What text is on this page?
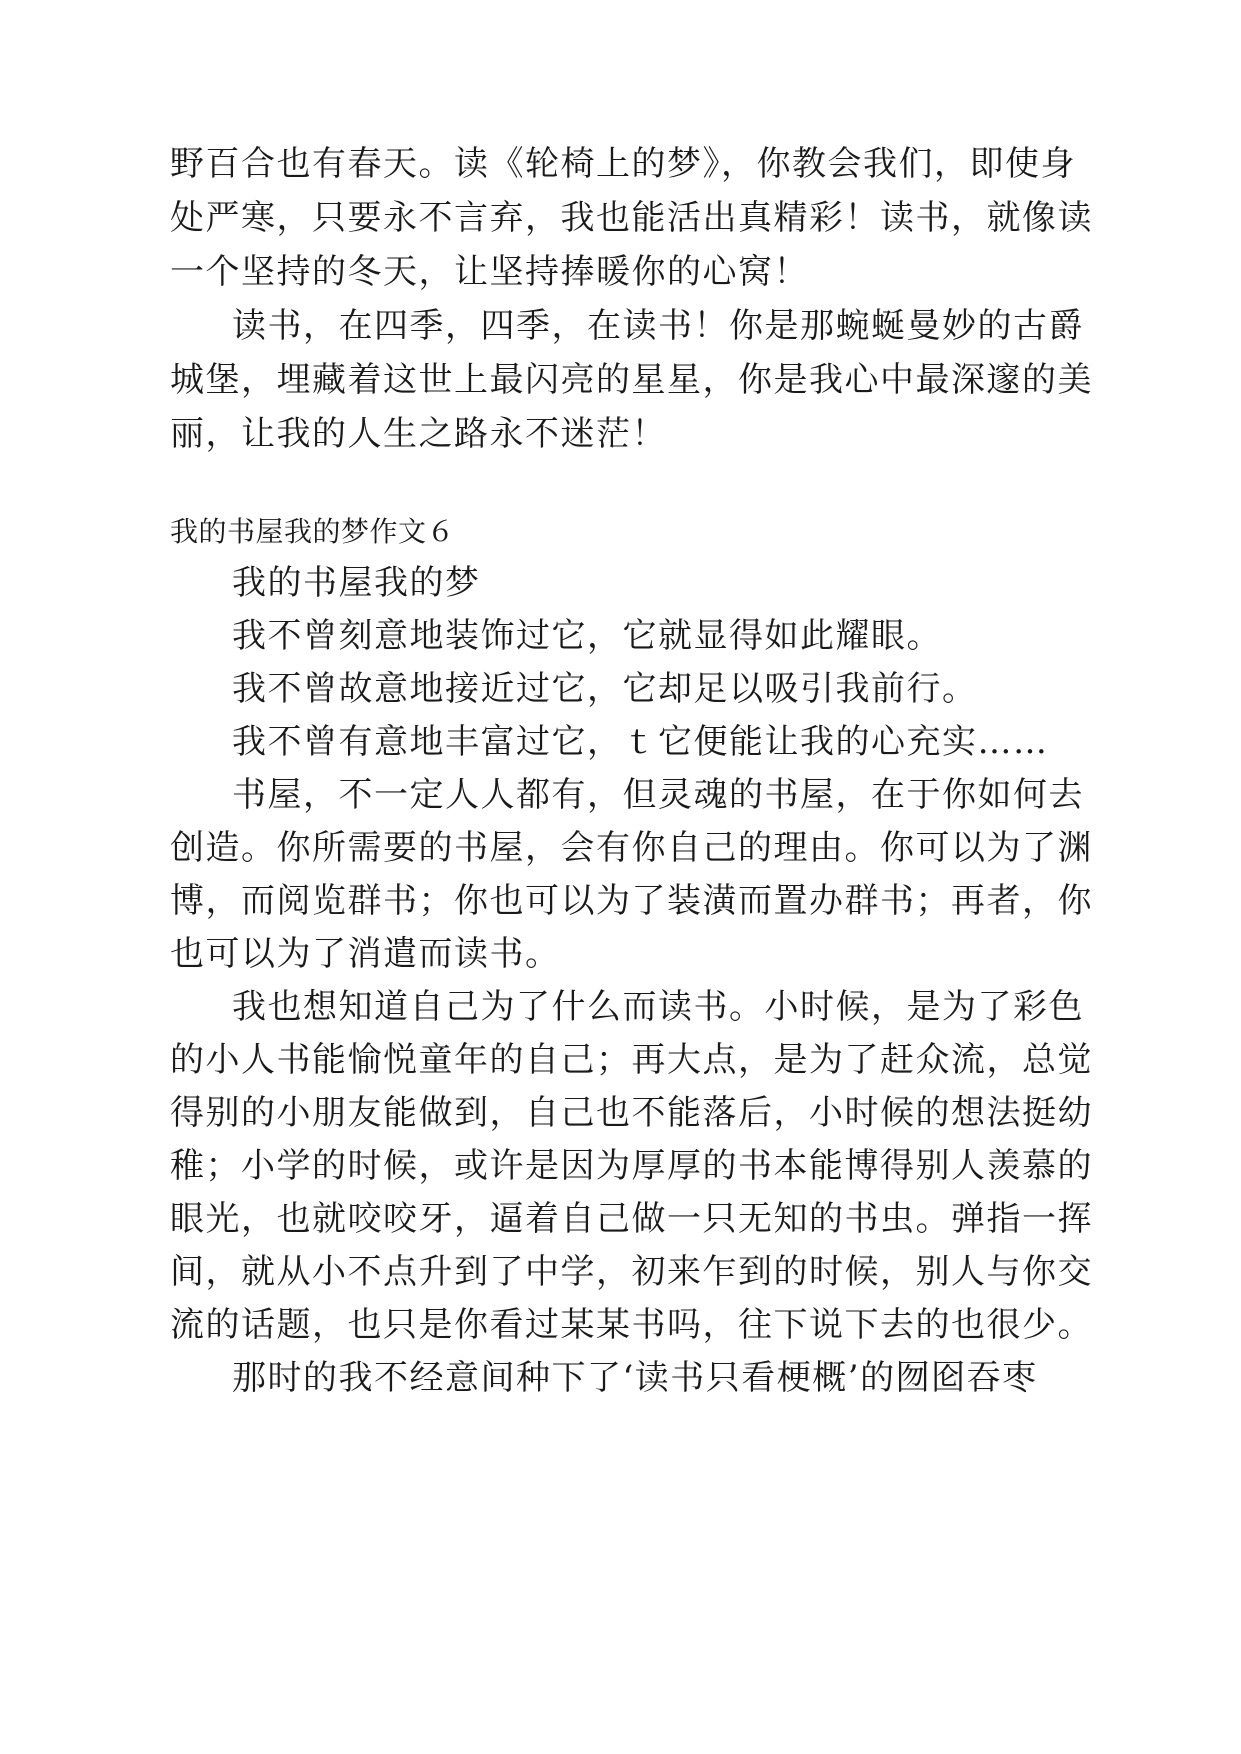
野百合也有春天。读《轮椅上的梦》，你教会我们，即使身
处严寒，只要永不言弃，我也能活出真精彩！读书，就像读
一个坚持的冬天，让坚持捧暖你的心窝！
读书，在四季，四季，在读书！你是那蜿蜒曼妙的古爵
城堡，埋藏着这世上最闪亮的星星，你是我心中最深邃的美
丽，让我的人生之路永不迷茫！
我的书屋我的梦作文６
我的书屋我的梦
我不曾刻意地装饰过它，它就显得如此耀眼。
我不曾故意地接近过它，它却足以吸引我前行。
我不曾有意地丰富过它，ｔ它便能让我的心充实……
书屋，不一定人人都有，但灵魂的书屋，在于你如何去
创造。你所需要的书屋，会有你自己的理由。你可以为了渊
博，而阅览群书；你也可以为了装潢而置办群书；再者，你
也可以为了消遣而读书。
我也想知道自己为了什么而读书。小时候，是为了彩色
的小人书能愉悦童年的自己；再大点，是为了赶众流，总觉
得别的小朋友能做到，自己也不能落后，小时候的想法挺幼
稚；小学的时候，或许是因为厚厚的书本能博得别人羡慕的
眼光，也就咬咬牙，逼着自己做一只无知的书虫。弹指一挥
间，就从小不点升到了中学，初来乍到的时候，别人与你交
流的话题，也只是你看过某某书吗，往下说下去的也很少。
那时的我不经意间种下了‘读书只看梗概’的囫囵吞枣
